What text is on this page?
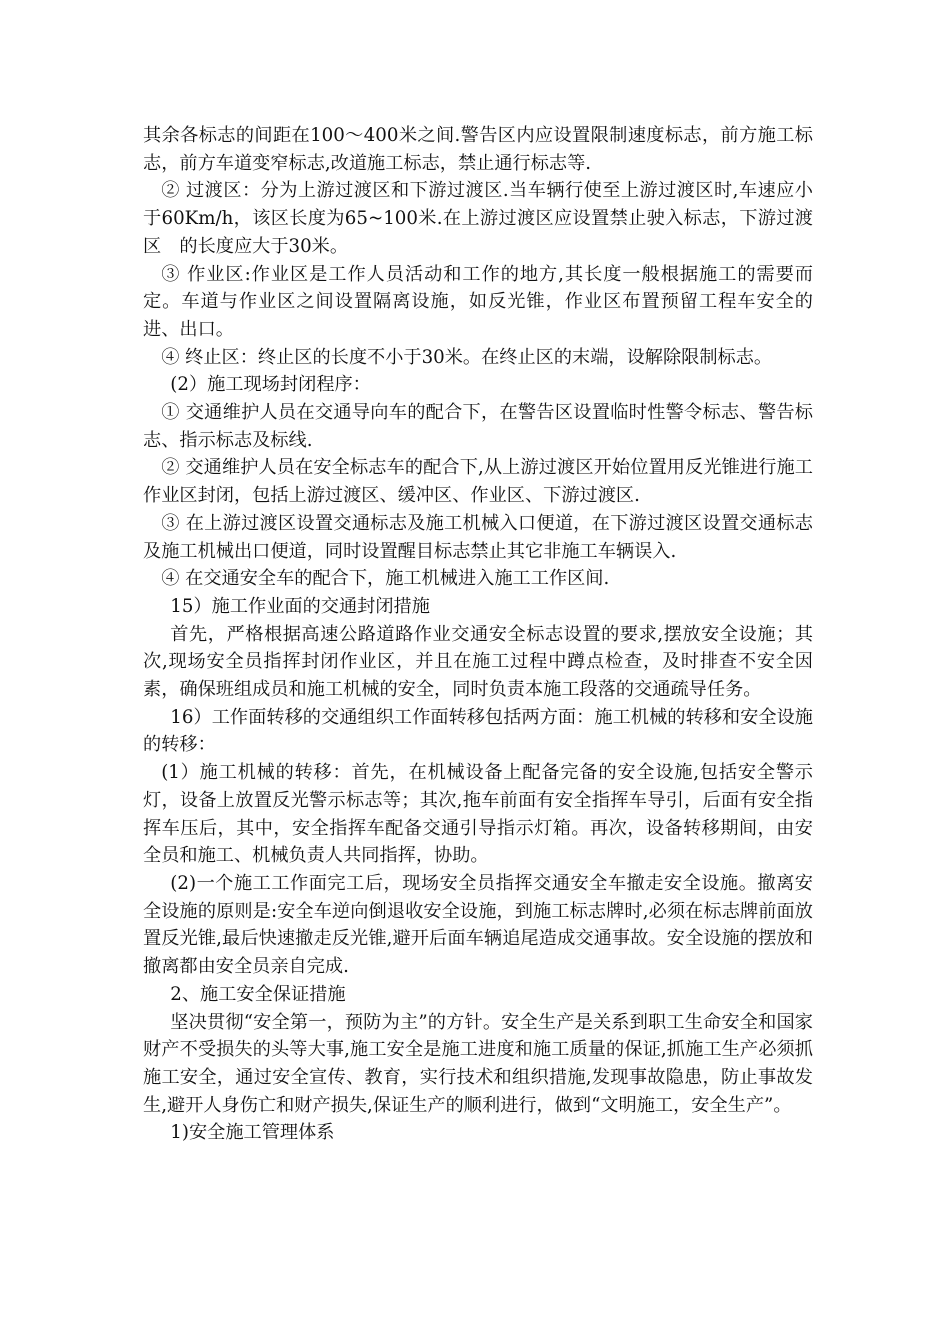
其余各标志的间距在100～400米之间.警告区内应设置限制速度标志，前方施工标志，前方车道变窄标志,改道施工标志，禁止通行标志等.

② 过渡区：分为上游过渡区和下游过渡区.当车辆行使至上游过渡区时,车速应小于60Km/h，该区长度为65~100米.在上游过渡区应设置禁止驶入标志，下游过渡区　的长度应大于30米。

③ 作业区:作业区是工作人员活动和工作的地方,其长度一般根据施工的需要而定。车道与作业区之间设置隔离设施，如反光锥，作业区布置预留工程车安全的进、出口。

④ 终止区：终止区的长度不小于30米。在终止区的末端，设解除限制标志。

(2）施工现场封闭程序：

① 交通维护人员在交通导向车的配合下，在警告区设置临时性警令标志、警告标志、指示标志及标线.

② 交通维护人员在安全标志车的配合下,从上游过渡区开始位置用反光锥进行施工作业区封闭，包括上游过渡区、缓冲区、作业区、下游过渡区.

③ 在上游过渡区设置交通标志及施工机械入口便道，在下游过渡区设置交通标志及施工机械出口便道，同时设置醒目标志禁止其它非施工车辆误入.

④ 在交通安全车的配合下，施工机械进入施工工作区间.

15）施工作业面的交通封闭措施

首先，严格根据高速公路道路作业交通安全标志设置的要求,摆放安全设施；其次,现场安全员指挥封闭作业区，并且在施工过程中蹲点检查，及时排查不安全因素，确保班组成员和施工机械的安全，同时负责本施工段落的交通疏导任务。

16）工作面转移的交通组织工作面转移包括两方面：施工机械的转移和安全设施的转移：

(1）施工机械的转移：首先，在机械设备上配备完备的安全设施,包括安全警示灯，设备上放置反光警示标志等；其次,拖车前面有安全指挥车导引，后面有安全指挥车压后，其中，安全指挥车配备交通引导指示灯箱。再次，设备转移期间，由安全员和施工、机械负责人共同指挥，协助。

(2)一个施工工作面完工后，现场安全员指挥交通安全车撤走安全设施。撤离安全设施的原则是:安全车逆向倒退收安全设施，到施工标志牌时,必须在标志牌前面放置反光锥,最后快速撤走反光锥,避开后面车辆追尾造成交通事故。安全设施的摆放和撤离都由安全员亲自完成.

2、施工安全保证措施

坚决贯彻“安全第一，预防为主”的方针。安全生产是关系到职工生命安全和国家财产不受损失的头等大事,施工安全是施工进度和施工质量的保证,抓施工生产必须抓施工安全，通过安全宣传、教育，实行技术和组织措施,发现事故隐患，防止事故发生,避开人身伤亡和财产损失,保证生产的顺利进行，做到“文明施工，安全生产”。

1)安全施工管理体系
